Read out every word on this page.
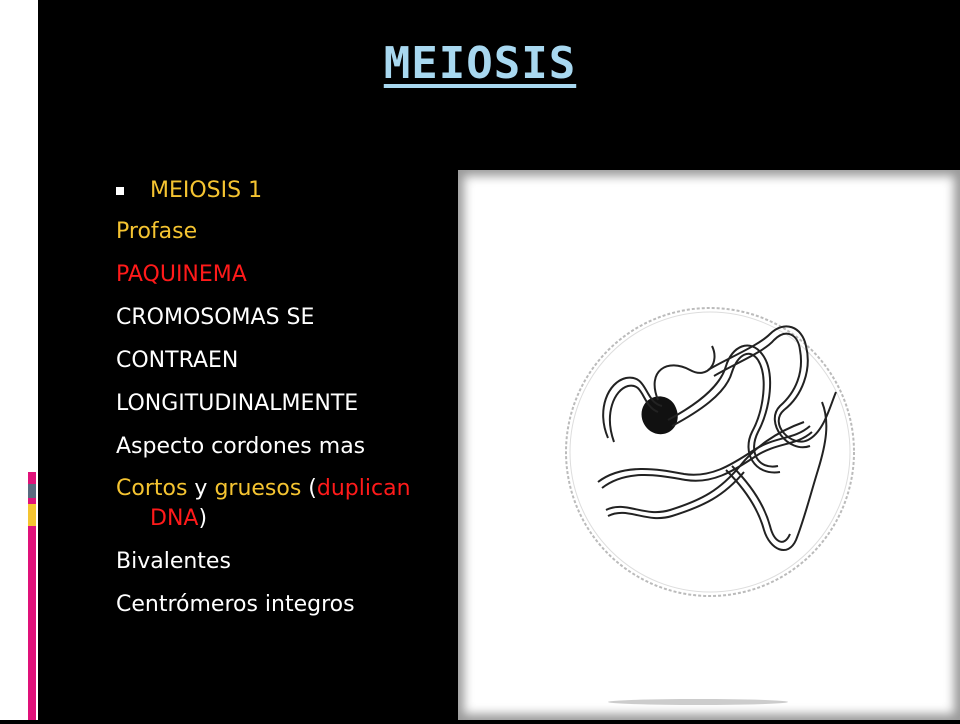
MEIOSIS
MEIOSIS 1
Profase
PAQUINEMA
CROMOSOMAS SE
CONTRAEN
LONGITUDINALMENTE
Aspecto cordones mas
Cortos y gruesos (duplican
DNA)
Bivalentes
Centrómeros integros
